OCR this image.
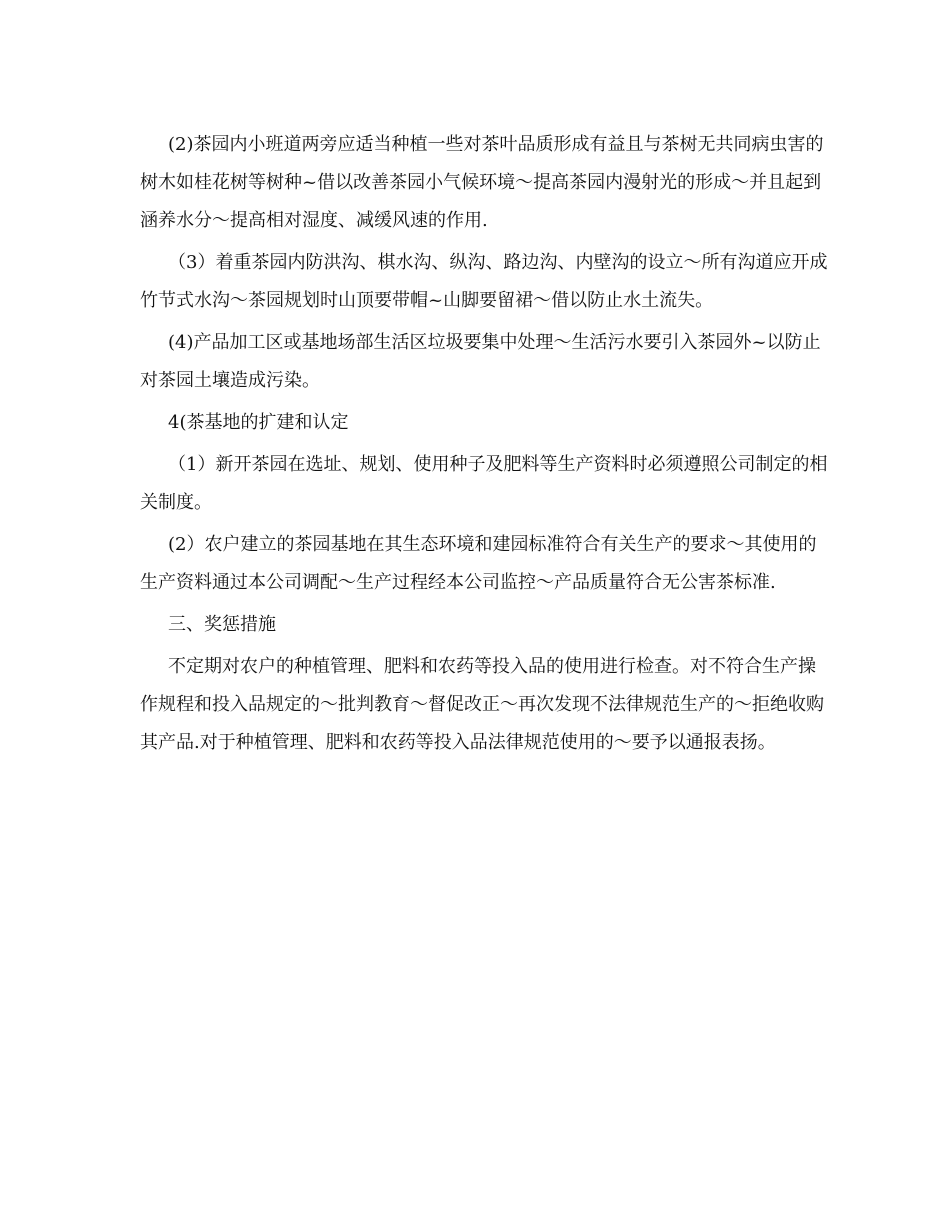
(2)茶园内小班道两旁应适当种植一些对茶叶品质形成有益且与茶树无共同病虫害的树木如桂花树等树种~借以改善茶园小气候环境～提高茶园内漫射光的形成～并且起到涵养水分～提高相对湿度、减缓风速的作用.

（3）着重茶园内防洪沟、棋水沟、纵沟、路边沟、内壁沟的设立～所有沟道应开成竹节式水沟～茶园规划时山顶要带帽~山脚要留裙～借以防止水土流失。

(4)产品加工区或基地场部生活区垃圾要集中处理～生活污水要引入茶园外~以防止对茶园土壤造成污染。

4(茶基地的扩建和认定

（1）新开茶园在选址、规划、使用种子及肥料等生产资料时必须遵照公司制定的相关制度。

(2）农户建立的茶园基地在其生态环境和建园标准符合有关生产的要求～其使用的生产资料通过本公司调配～生产过程经本公司监控～产品质量符合无公害茶标准.

三、奖惩措施

不定期对农户的种植管理、肥料和农药等投入品的使用进行检查。对不符合生产操作规程和投入品规定的～批判教育～督促改正～再次发现不法律规范生产的～拒绝收购其产品.对于种植管理、肥料和农药等投入品法律规范使用的～要予以通报表扬。
